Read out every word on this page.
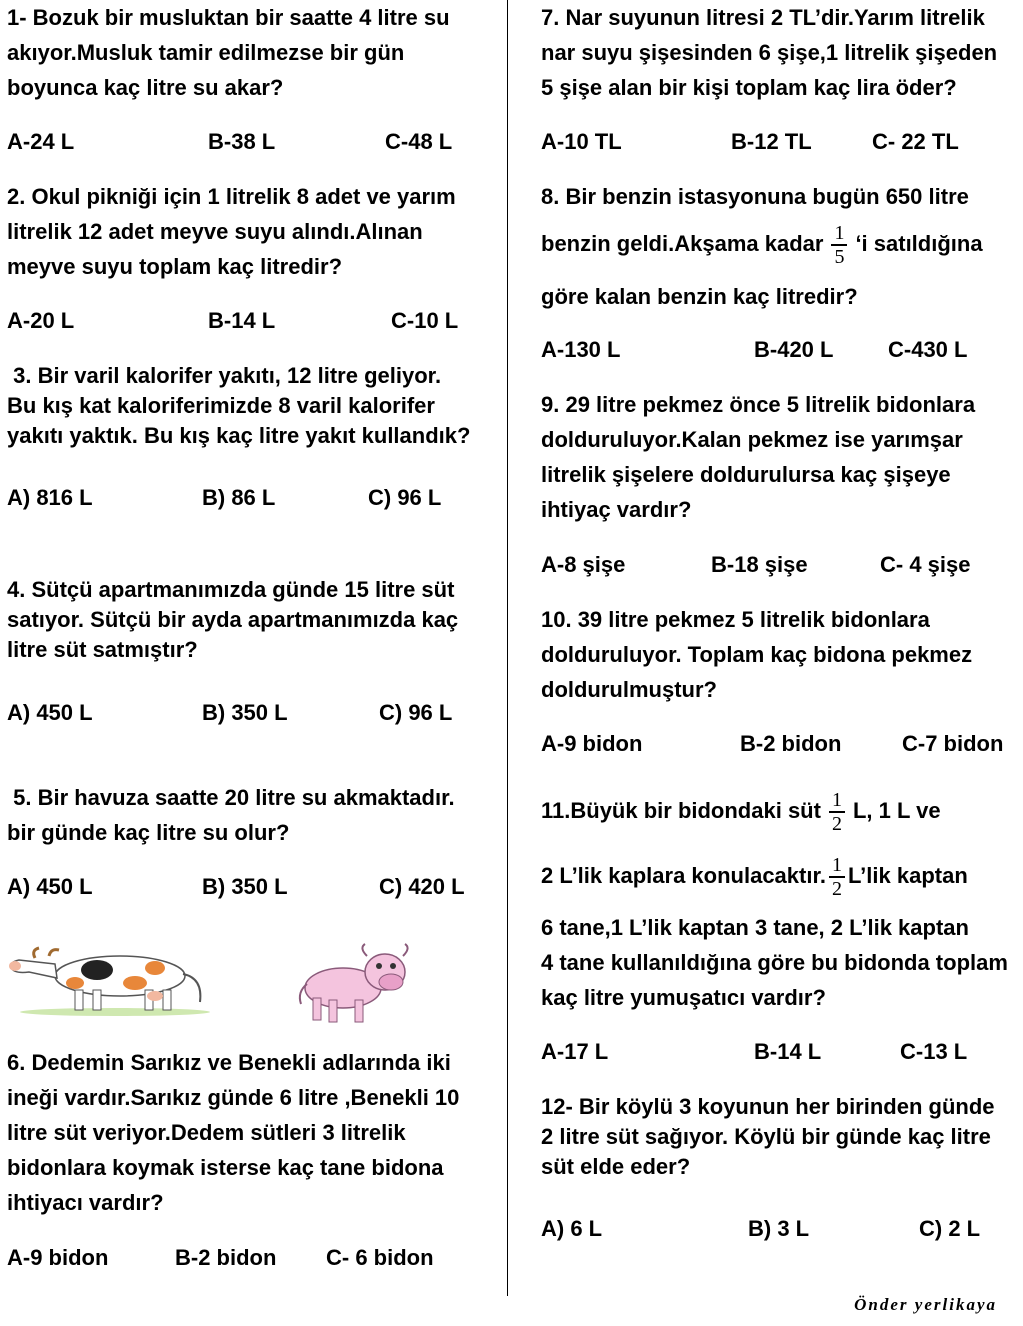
1- Bozuk bir musluktan bir saatte 4 litre su
akıyor.Musluk tamir edilmezse bir gün
boyunca kaç litre su akar?
A-24 L	B-38 L	C-48 L
2. Okul pikniği için 1 litrelik 8 adet ve yarım
litrelik 12 adet meyve suyu alındı.Alınan
meyve suyu toplam kaç litredir?
A-20 L	B-14 L	C-10 L
3. Bir varil kalorifer yakıtı, 12 litre geliyor.
Bu kış kat kaloriferimizde 8 varil kalorifer
yakıtı yaktık. Bu kış kaç litre yakıt kullandık?
A) 816 L	B) 86 L	C) 96 L
4. Sütçü apartmanımızda günde 15 litre süt
satıyor. Sütçü bir ayda apartmanımızda kaç
litre süt satmıştır?
A) 450 L	B) 350 L	C) 96 L
5. Bir havuza saatte 20 litre su akmaktadır.
bir günde kaç litre su olur?
A) 450 L	B) 350 L	C) 420 L
6. Dedemin Sarıkız ve Benekli adlarında iki
ineği vardır.Sarıkız günde 6 litre ,Benekli 10
litre süt veriyor.Dedem sütleri 3 litrelik
bidonlara koymak isterse kaç tane bidona
ihtiyacı vardır?
A-9 bidon	B-2 bidon C- 6 bidon
7. Nar suyunun litresi 2 TL’dir.Yarım litrelik
nar suyu şişesinden 6 şişe,1 litrelik şişeden
5 şişe alan bir kişi toplam kaç lira öder?
A-10 TL	B-12 TL	C- 22 TL
8. Bir benzin istasyonuna bugün 650 litre
benzin geldi.Akşama kadar $\frac{1}{5}$ ‘i satıldığına
göre kalan benzin kaç litredir?
A-130 L	B-420 L C-430 L
9. 29 litre pekmez önce 5 litrelik bidonlara
dolduruluyor.Kalan pekmez ise yarımşar
litrelik şişelere doldurulursa kaç şişeye
ihtiyaç vardır?
A-8 şişe	B-18 şişe	C- 4 şişe
10. 39 litre pekmez 5 litrelik bidonlara
dolduruluyor. Toplam kaç bidona pekmez
doldurulmuştur?
A-9 bidon	B-2 bidon	C-7 bidon
11.Büyük bir bidondaki süt $\frac{1}{2} L$, 1 L ve
2 L’lik kaplara konulacaktır. $\frac{1}{2}$ L’lik kaptan
6 tane,1 L’lik kaptan 3 tane, 2 L’lik kaptan
4 tane kullanıldığına göre bu bidonda toplam
kaç litre yumuşatıcı vardır?
A-17 L	B-14 L	C-13 L
12- Bir köylü 3 koyunun her birinden günde
2 litre süt sağıyor. Köylü bir günde kaç litre
süt elde eder?
A) 6 L	B) 3 L	C) 2 L
Önder yerlikaya
